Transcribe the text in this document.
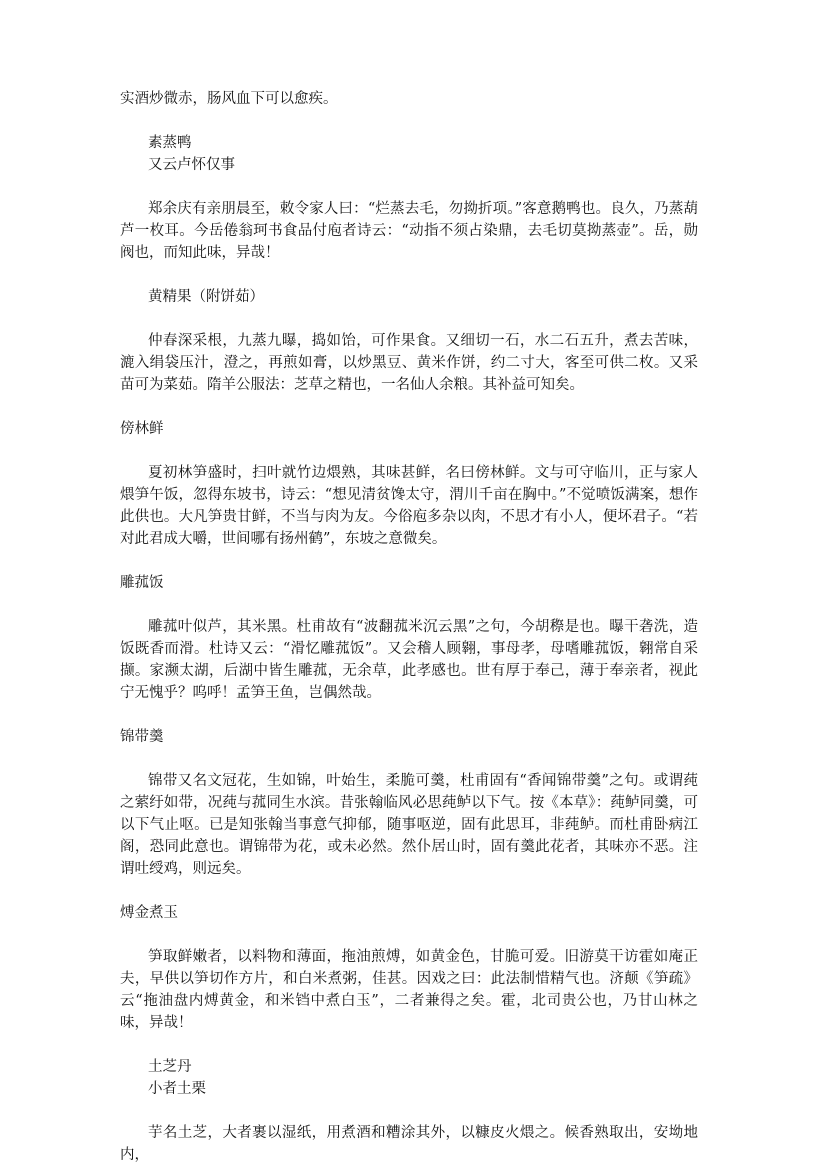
实酒炒微赤，肠风血下可以愈疾。

素蒸鸭

又云卢怀仅事

郑余庆有亲朋晨至，敕令家人曰：“烂蒸去毛，勿拗折项。”客意鹅鸭也。良久，乃蒸葫芦一枚耳。今岳倦翁珂书食品付庖者诗云：“动指不须占染鼎，去毛切莫拗蒸壶”。岳，勋阀也，而知此味，异哉！

黄精果（附饼茹）

仲春深采根，九蒸九曝，捣如饴，可作果食。又细切一石，水二石五升，煮去苦味，漉入绢袋压汁，澄之，再煎如膏，以炒黑豆、黄米作饼，约二寸大，客至可供二枚。又采苗可为菜茹。隋羊公服法：芝草之精也，一名仙人余粮。其补益可知矣。

傍林鲜

夏初林笋盛时，扫叶就竹边煨熟，其味甚鲜，名曰傍林鲜。文与可守临川，正与家人煨笋午饭，忽得东坡书，诗云：“想见清贫馋太守，渭川千亩在胸中。”不觉喷饭满案，想作此供也。大凡笋贵甘鲜，不当与肉为友。今俗庖多杂以肉，不思才有小人，便坏君子。“若对此君成大嚼，世间哪有扬州鹤”，东坡之意微矣。

雕菰饭

雕菰叶似芦，其米黑。杜甫故有“波翻菰米沉云黑”之句，今胡穄是也。曝干砻洗，造饭既香而滑。杜诗又云：“滑忆雕菰饭”。又会稽人顾翱，事母孝，母嗜雕菰饭，翱常自采撷。家濒太湖，后湖中皆生雕菰，无余草，此孝感也。世有厚于奉己，薄于奉亲者，视此宁无愧乎？呜呼！孟笋王鱼，岂偶然哉。

锦带羹

锦带又名文冠花，生如锦，叶始生，柔脆可羹，杜甫固有“香闻锦带羹”之句。或谓莼之萦纡如带，况莼与菰同生水滨。昔张翰临风必思莼鲈以下气。按《本草》：莼鲈同羹，可以下气止呕。已是知张翰当事意气抑郁，随事呕逆，固有此思耳，非莼鲈。而杜甫卧病江阁，恐同此意也。谓锦带为花，或未必然。然仆居山时，固有羹此花者，其味亦不恶。注谓吐绶鸡，则远矣。

煿金煮玉

笋取鲜嫩者，以料物和薄面，拖油煎煿，如黄金色，甘脆可爱。旧游莫干访霍如庵正夫，早供以笋切作方片，和白米煮粥，佳甚。因戏之曰：此法制惜精气也。济颠《笋疏》云“拖油盘内煿黄金，和米铛中煮白玉”，二者兼得之矣。霍，北司贵公也，乃甘山林之味，异哉！

土芝丹

小者土栗

芋名土芝，大者裹以湿纸，用煮酒和糟涂其外，以糠皮火煨之。候香熟取出，安坳地内，
